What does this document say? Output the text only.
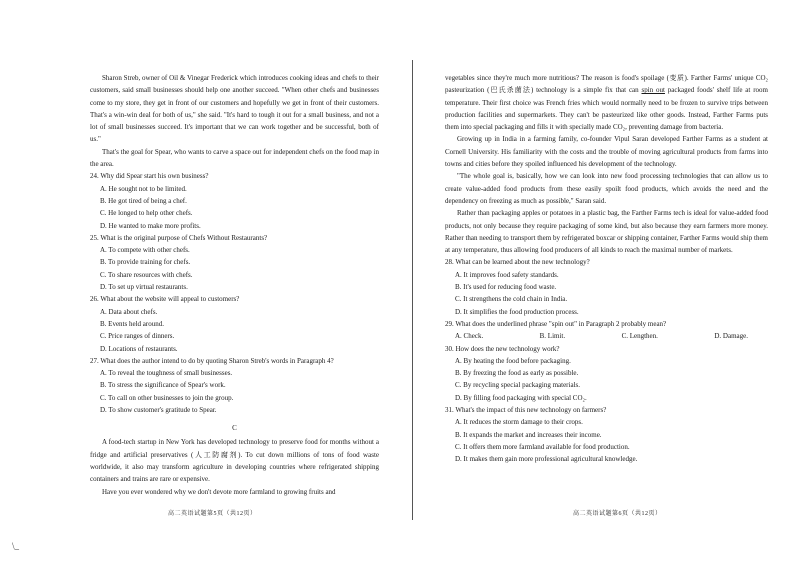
Sharon Streb, owner of Oil & Vinegar Frederick which introduces cooking ideas and chefs to their customers, said small businesses should help one another succeed. "When other chefs and businesses come to my store, they get in front of our customers and hopefully we get in front of their customers. That's a win-win deal for both of us," she said. "It's hard to tough it out for a small business, and not a lot of small businesses succeed. It's important that we can work together and be successful, both of us."

That's the goal for Spear, who wants to carve a space out for independent chefs on the food map in the area.

24. Why did Spear start his own business?

A. He sought not to be limited.

B. He got tired of being a chef.

C. He longed to help other chefs.

D. He wanted to make more profits.

25. What is the original purpose of Chefs Without Restaurants?

A. To compete with other chefs.

B. To provide training for chefs.

C. To share resources with chefs.

D. To set up virtual restaurants.

26. What about the website will appeal to customers?

A. Data about chefs.

B. Events held around.

C. Price ranges of dinners.

D. Locations of restaurants.

27. What does the author intend to do by quoting Sharon Streb's words in Paragraph 4?

A. To reveal the toughness of small businesses.

B. To stress the significance of Spear's work.

C. To call on other businesses to join the group.

D. To show customer's gratitude to Spear.

C

A food-tech startup in New York has developed technology to preserve food for months without a fridge and artificial preservatives (人工防腐剂). To cut down millions of tons of food waste worldwide, it also may transform agriculture in developing countries where refrigerated shipping containers and trains are rare or expensive.

Have you ever wondered why we don't devote more farmland to growing fruits and

vegetables since they're much more nutritious? The reason is food's spoilage (变质). Farther Farms' unique CO₂ pasteurization (巴氏杀菌法) technology is a simple fix that can spin out packaged foods' shelf life at room temperature. Their first choice was French fries which would normally need to be frozen to survive trips between production facilities and supermarkets. They can't be pasteurized like other goods. Instead, Farther Farms puts them into special packaging and fills it with specially made CO₂, preventing damage from bacteria.

Growing up in India in a farming family, co-founder Vipul Saran developed Farther Farms as a student at Cornell University. His familiarity with the costs and the trouble of moving agricultural products from farms into towns and cities before they spoiled influenced his development of the technology.

"The whole goal is, basically, how we can look into new food processing technologies that can allow us to create value-added food products from these easily spoilt food products, which avoids the need and the dependency on freezing as much as possible," Saran said.

Rather than packaging apples or potatoes in a plastic bag, the Farther Farms tech is ideal for value-added food products, not only because they require packaging of some kind, but also because they earn farmers more money. Rather than needing to transport them by refrigerated boxcar or shipping container, Farther Farms would ship them at any temperature, thus allowing food producers of all kinds to reach the maximal number of markets.

28. What can be learned about the new technology?

A. It improves food safety standards.

B. It's used for reducing food waste.

C. It strengthens the cold chain in India.

D. It simplifies the food production process.

29. What does the underlined phrase "spin out" in Paragraph 2 probably mean?

A. Check.	B. Limit.	C. Lengthen.	D. Damage.

30. How does the new technology work?

A. By heating the food before packaging.

B. By freezing the food as early as possible.

C. By recycling special packaging materials.

D. By filling food packaging with special CO₂.

31. What's the impact of this new technology on farmers?

A. It reduces the storm damage to their crops.

B. It expands the market and increases their income.

C. It offers them more farmland available for food production.

D. It makes them gain more professional agricultural knowledge.

高二英语试题第5页（共12页）	高二英语试题第6页（共12页）
\_
